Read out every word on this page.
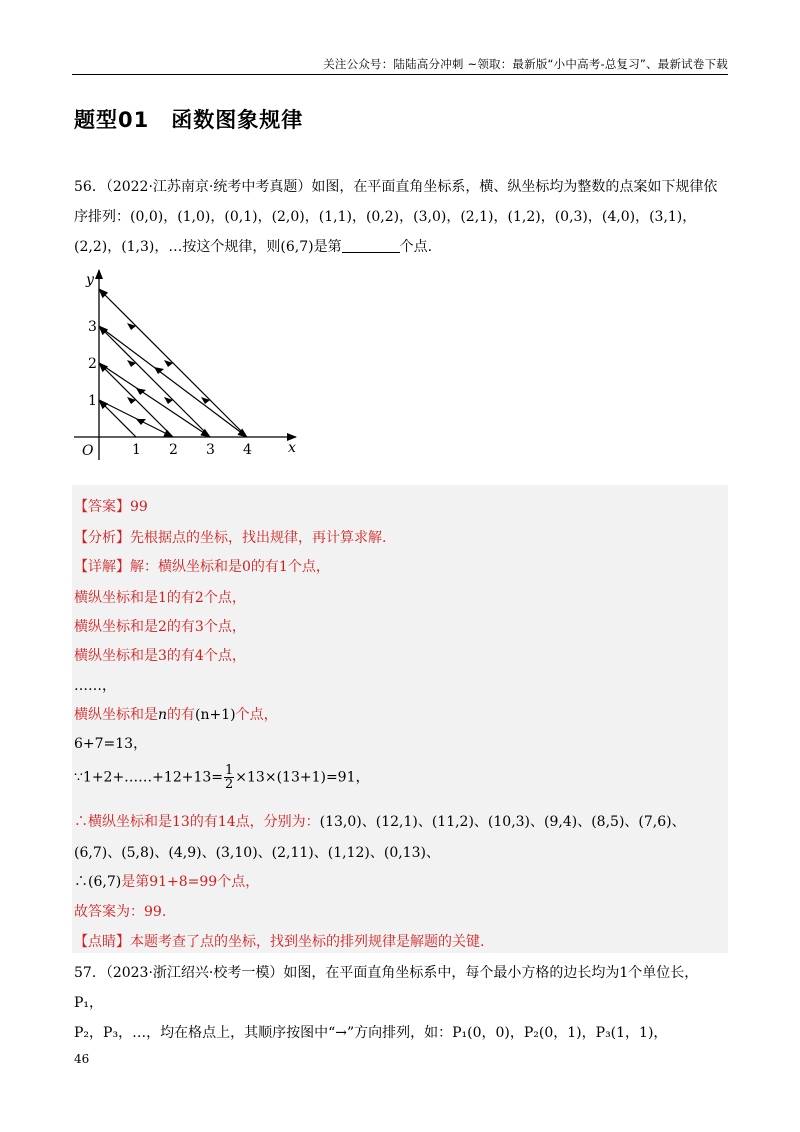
关注公众号：陆陆高分冲刺 ~领取：最新版“小中高考-总复习”、最新试卷下载
题型01 函数图象规律
56．（2022·江苏南京·统考中考真题）如图，在平面直角坐标系，横、纵坐标均为整数的点案如下规律依
序排列：(0,0)，(1,0)，(0,1)，(2,0)，(1,1)，(0,2)，(3,0)，(2,1)，(1,2)，(0,3)，(4,0)，(3,1)，
(2,2)，(1,3)，…按这个规律，则(6,7)是第	个点.
y
x
O	1 2 3 4
1
2
3
【答案】99
【分析】先根据点的坐标，找出规律，再计算求解.
【详解】解：横纵坐标和是0的有1个点，
横纵坐标和是1的有2个点，
横纵坐标和是2的有3个点，
横纵坐标和是3的有4个点，
……，
横纵坐标和是n的有(n+1)个点，
6+7=13，
∵1+2+……+12+13= $\frac{1}{2} \times 13\times(13+1)=91$，
∴横纵坐标和是13的有14点，分别为：(13,0)、(12,1)、(11,2)、(10,3)、(9,4)、(8,5)、(7,6)、
(6,7)、(5,8)、(4,9)、(3,10)、(2,11)、(1,12)、(0,13)、
∴(6,7)是第91+8=99个点，
故答案为：99.
【点睛】本题考查了点的坐标，找到坐标的排列规律是解题的关键.
57．（2023·浙江绍兴·校考一模）如图，在平面直角坐标系中，每个最小方格的边长均为1个单位长，P₁，
P₂，P₃，…，均在格点上，其顺序按图中“→”方向排列，如：P₁(0，0)，P₂(0，1)，P₃(1，1)，
46
